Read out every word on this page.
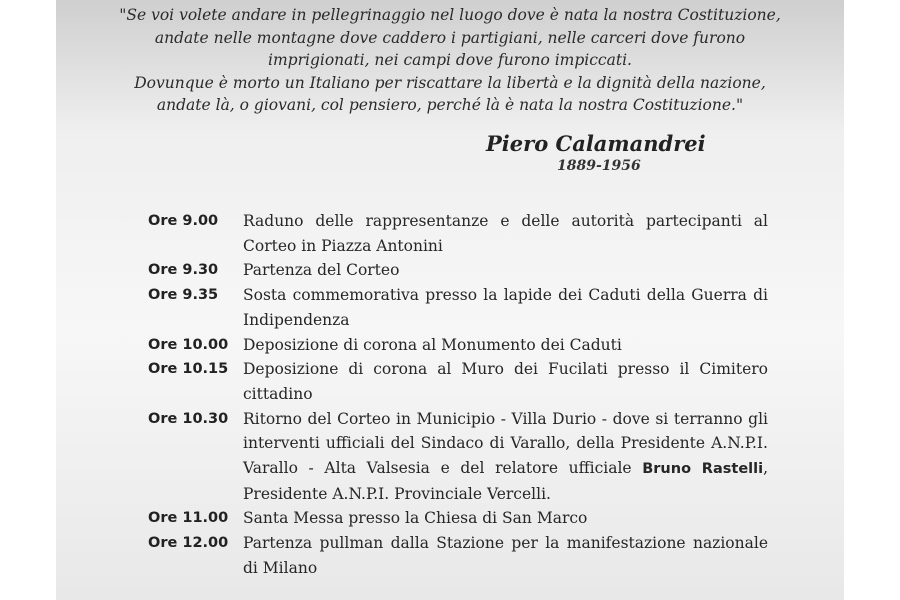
"Se voi volete andare in pellegrinaggio nel luogo dove è nata la nostra Costituzione,
andate nelle montagne dove caddero i partigiani, nelle carceri dove furono
imprigionati, nei campi dove furono impiccati.
Dovunque è morto un Italiano per riscattare la libertà e la dignità della nazione,
andate là, o giovani, col pensiero, perché là è nata la nostra Costituzione."

Piero Calamandrei
1889-1956
Ore 9.00	Raduno delle rappresentanze e delle autorità partecipanti al Corteo in Piazza Antonini
Ore 9.30	Partenza del Corteo
Ore 9.35	Sosta commemorativa presso la lapide dei Caduti della Guerra di Indipendenza
Ore 10.00 Deposizione di corona al Monumento dei Caduti
Ore 10.15 Deposizione di corona al Muro dei Fucilati presso il Cimitero cittadino
Ore 10.30 Ritorno del Corteo in Municipio - Villa Durio - dove si terranno gli interventi ufficiali del Sindaco di Varallo, della Presidente A.N.P.I. Varallo - Alta Valsesia e del relatore ufficiale Bruno Rastelli, Presidente A.N.P.I. Provinciale Vercelli.
Ore 11.00 Santa Messa presso la Chiesa di San Marco
Ore 12.00 Partenza pullman dalla Stazione per la manifestazione nazionale di Milano
